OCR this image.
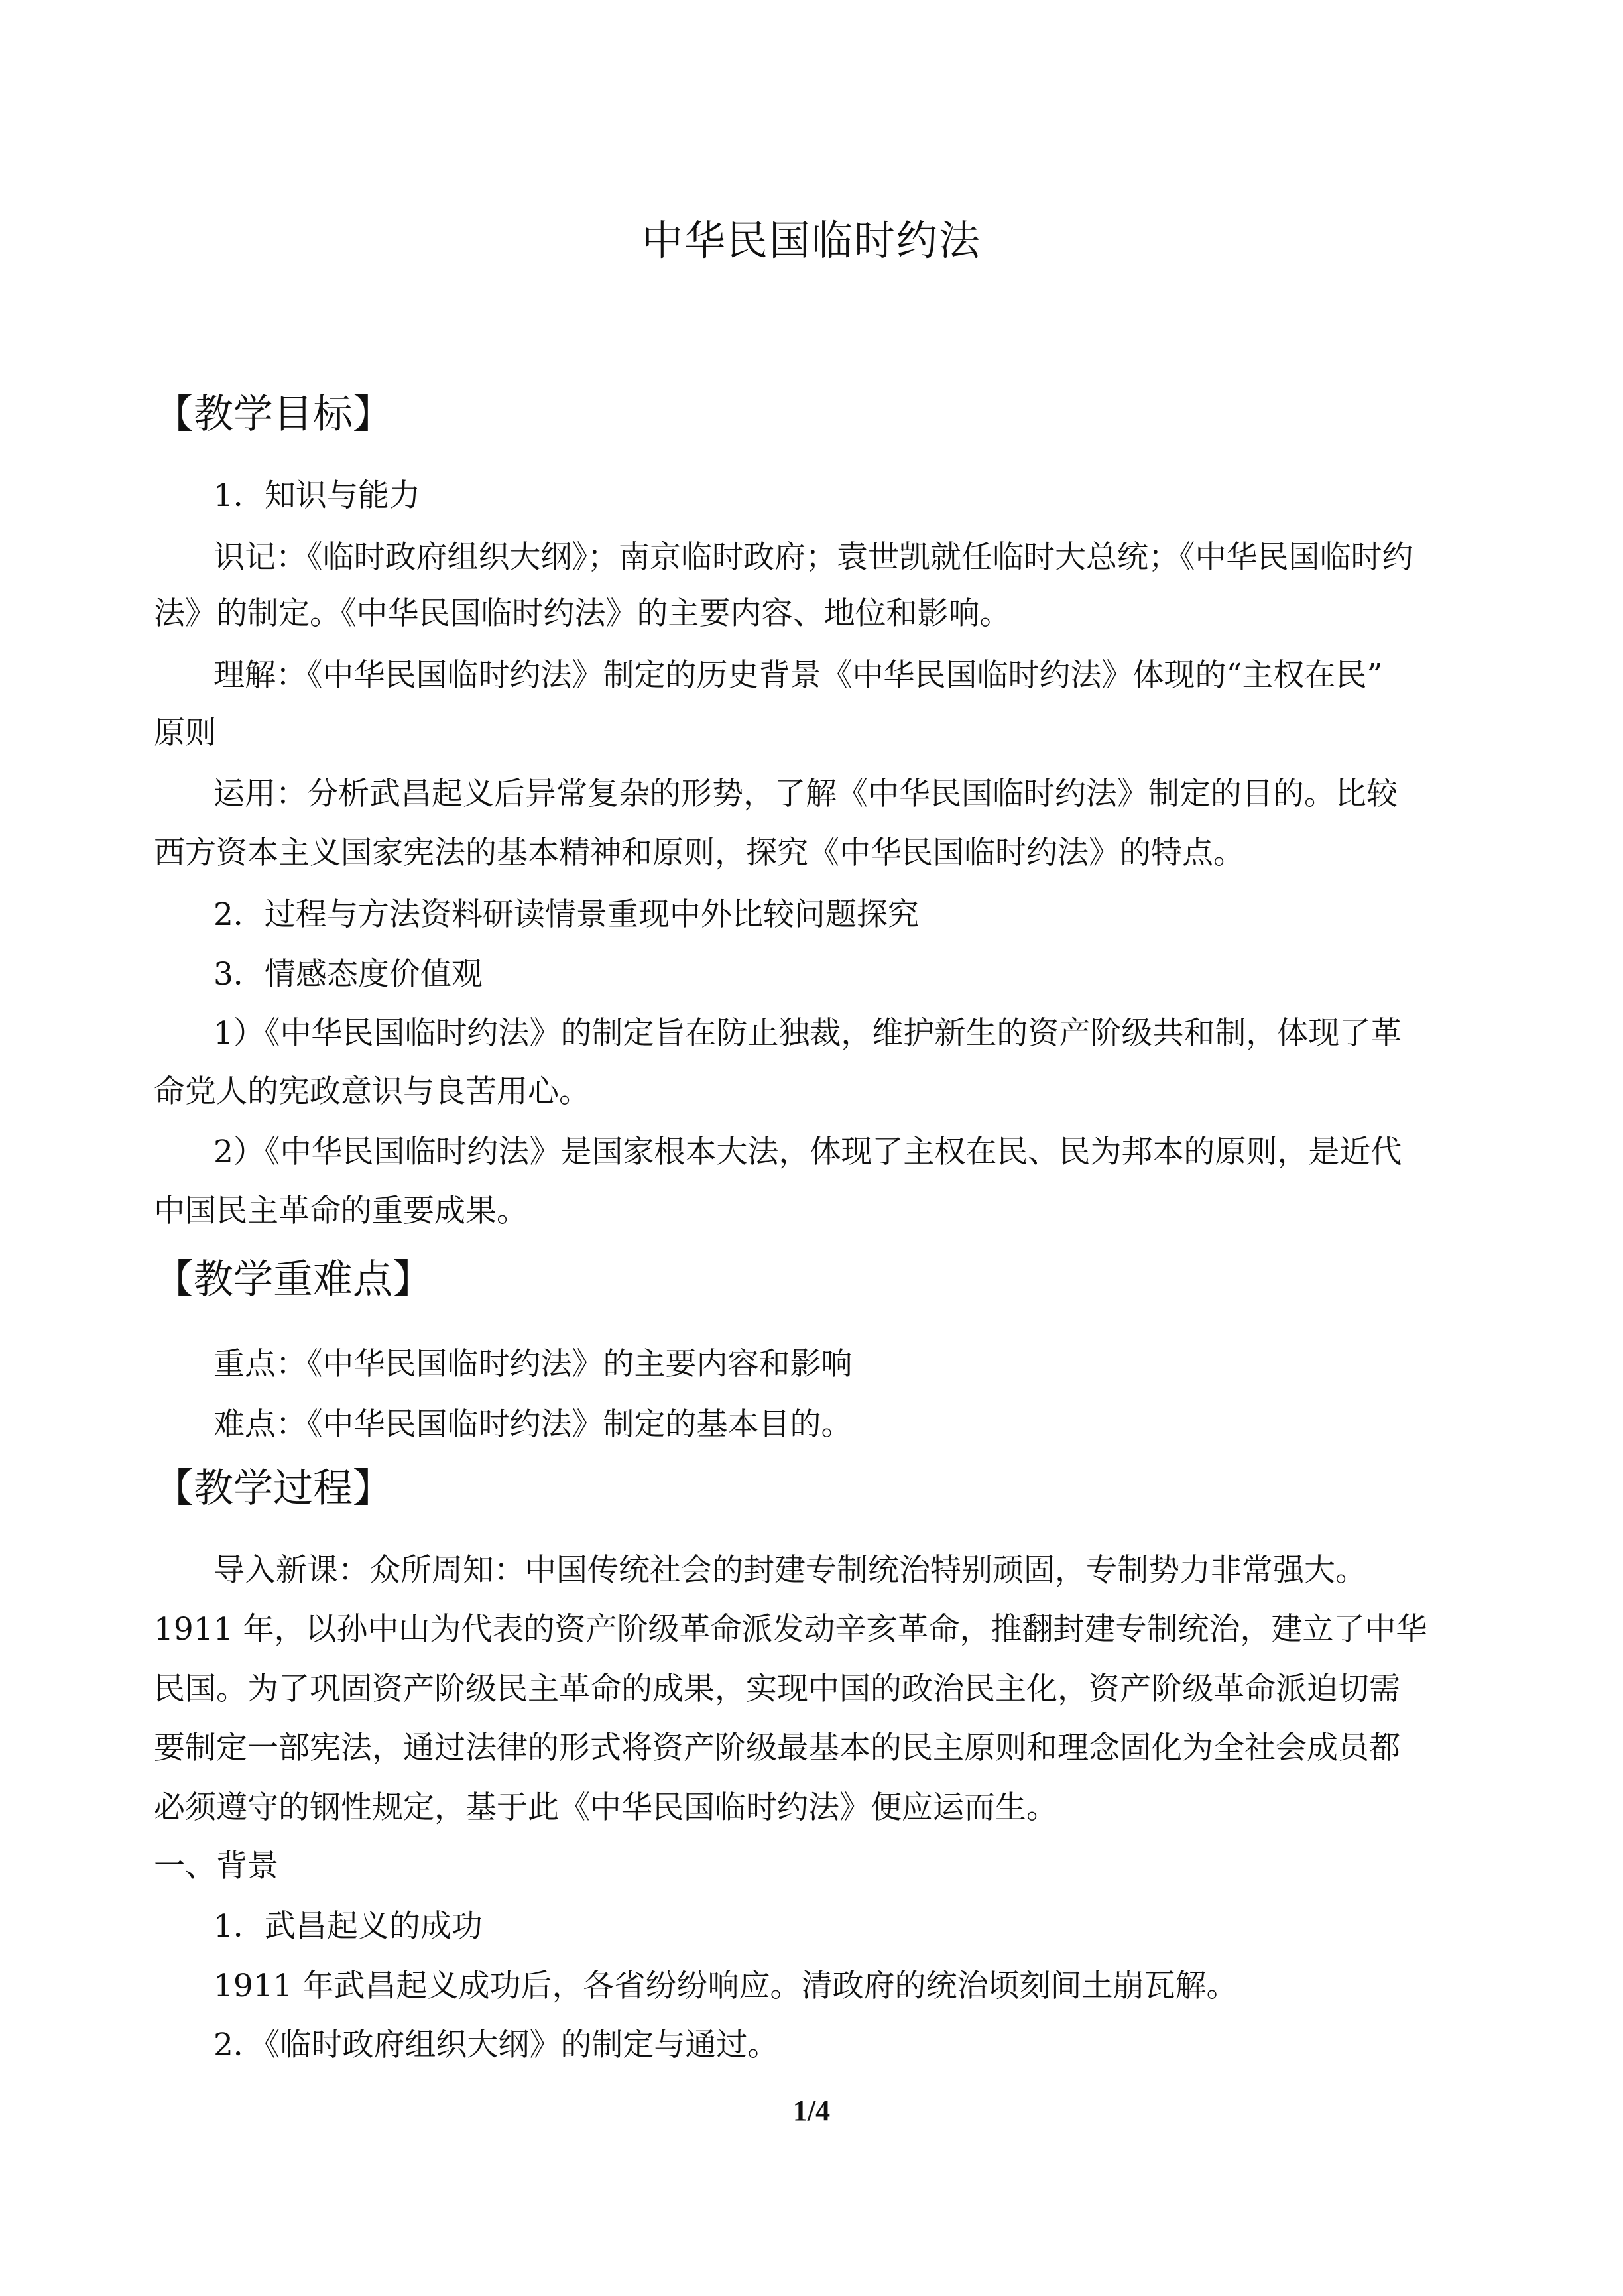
中华民国临时约法
【教学目标】
1．知识与能力
识记：《临时政府组织大纲》；南京临时政府；袁世凯就任临时大总统；《中华民国临时约
法》的制定。《中华民国临时约法》的主要内容、地位和影响。
理解：《中华民国临时约法》制定的历史背景《中华民国临时约法》体现的“主权在民”
原则
运用：分析武昌起义后异常复杂的形势，了解《中华民国临时约法》制定的目的。比较
西方资本主义国家宪法的基本精神和原则，探究《中华民国临时约法》的特点。
2．过程与方法资料研读情景重现中外比较问题探究
3．情感态度价值观
1）《中华民国临时约法》的制定旨在防止独裁，维护新生的资产阶级共和制，体现了革
命党人的宪政意识与良苦用心。
2）《中华民国临时约法》是国家根本大法，体现了主权在民、民为邦本的原则，是近代
中国民主革命的重要成果。
【教学重难点】
重点：《中华民国临时约法》的主要内容和影响
难点：《中华民国临时约法》制定的基本目的。
【教学过程】
导入新课：众所周知：中国传统社会的封建专制统治特别顽固，专制势力非常强大。
1911 年，以孙中山为代表的资产阶级革命派发动辛亥革命，推翻封建专制统治，建立了中华
民国。为了巩固资产阶级民主革命的成果，实现中国的政治民主化，资产阶级革命派迫切需
要制定一部宪法，通过法律的形式将资产阶级最基本的民主原则和理念固化为全社会成员都
必须遵守的钢性规定，基于此《中华民国临时约法》便应运而生。
一、背景
1．武昌起义的成功
1911 年武昌起义成功后，各省纷纷响应。清政府的统治顷刻间土崩瓦解。
2．《临时政府组织大纲》的制定与通过。
1/4
